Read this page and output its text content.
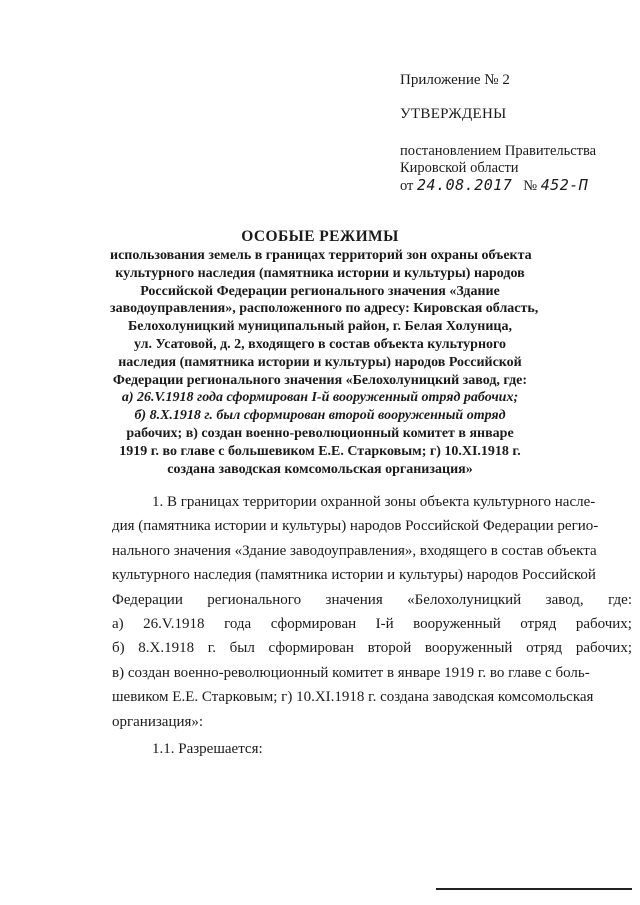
Приложение № 2
УТВЕРЖДЕНЫ
постановлением Правительства
Кировской области
от 24.08.2017 № 452-П
ОСОБЫЕ РЕЖИМЫ
использования земель в границах территорий зон охраны объекта
культурного наследия (памятника истории и культуры) народов
Российской Федерации регионального значения «Здание
заводоуправления», расположенного по адресу: Кировская область,
Белохолуницкий муниципальный район, г. Белая Холуница,
ул. Усатовой, д. 2, входящего в состав объекта культурного
наследия (памятника истории и культуры) народов Российской
Федерации регионального значения «Белохолуницкий завод, где:
а) 26.V.1918 года сформирован I-й вооруженный отряд рабочих;
б) 8.X.1918 г. был сформирован второй вооруженный отряд
рабочих; в) создан военно-революционный комитет в январе
1919 г. во главе с большевиком Е.Е. Старковым; г) 10.XI.1918 г.
создана заводская комсомольская организация»
1. В границах территории охранной зоны объекта культурного насле-
дия (памятника истории и культуры) народов Российской Федерации регио-
нального значения «Здание заводоуправления», входящего в состав объекта
культурного наследия (памятника истории и культуры) народов Российской
Федерации регионального значения «Белохолуницкий завод, где:
а) 26.V.1918 года сформирован I-й вооруженный отряд рабочих;
б) 8.X.1918 г. был сформирован второй вооруженный отряд рабочих;
в) создан военно-революционный комитет в январе 1919 г. во главе с боль-
шевиком Е.Е. Старковым; г) 10.XI.1918 г. создана заводская комсомольская
организация»:
1.1. Разрешается:
